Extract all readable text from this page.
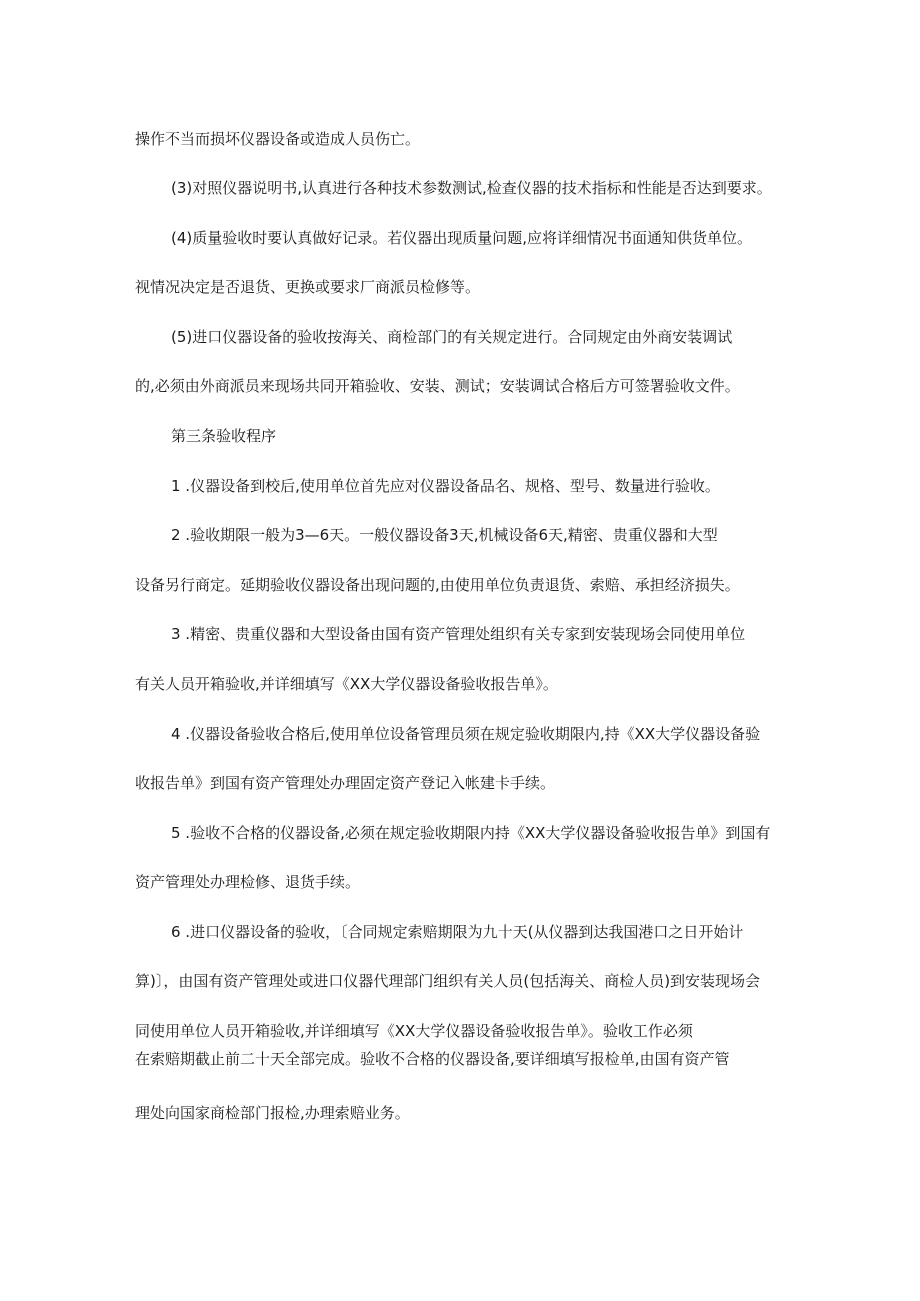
操作不当而损坏仪器设备或造成人员伤亡。

(3)对照仪器说明书,认真进行各种技术参数测试,检查仪器的技术指标和性能是否达到要求。

(4)质量验收时要认真做好记录。若仪器出现质量问题,应将详细情况书面通知供货单位。

视情况决定是否退货、更换或要求厂商派员检修等。

(5)进口仪器设备的验收按海关、商检部门的有关规定进行。合同规定由外商安装调试

的,必须由外商派员来现场共同开箱验收、安装、测试；安装调试合格后方可签署验收文件。

第三条验收程序

1 .仪器设备到校后,使用单位首先应对仪器设备品名、规格、型号、数量进行验收。

2 .验收期限一般为3—6天。一般仪器设备3天,机械设备6天,精密、贵重仪器和大型

设备另行商定。延期验收仪器设备出现问题的,由使用单位负责退货、索赔、承担经济损失。

3 .精密、贵重仪器和大型设备由国有资产管理处组织有关专家到安装现场会同使用单位

有关人员开箱验收,并详细填写《XX大学仪器设备验收报告单》。

4 .仪器设备验收合格后,使用单位设备管理员须在规定验收期限内,持《XX大学仪器设备验

收报告单》到国有资产管理处办理固定资产登记入帐建卡手续。

5 .验收不合格的仪器设备,必须在规定验收期限内持《XX大学仪器设备验收报告单》到国有

资产管理处办理检修、退货手续。

6 .进口仪器设备的验收，〔合同规定索赔期限为九十天(从仪器到达我国港口之日开始计

算)〕，由国有资产管理处或进口仪器代理部门组织有关人员(包括海关、商检人员)到安装现场会

同使用单位人员开箱验收,并详细填写《XX大学仪器设备验收报告单》。验收工作必须

在索赔期截止前二十天全部完成。验收不合格的仪器设备,要详细填写报检单,由国有资产管

理处向国家商检部门报检,办理索赔业务。
